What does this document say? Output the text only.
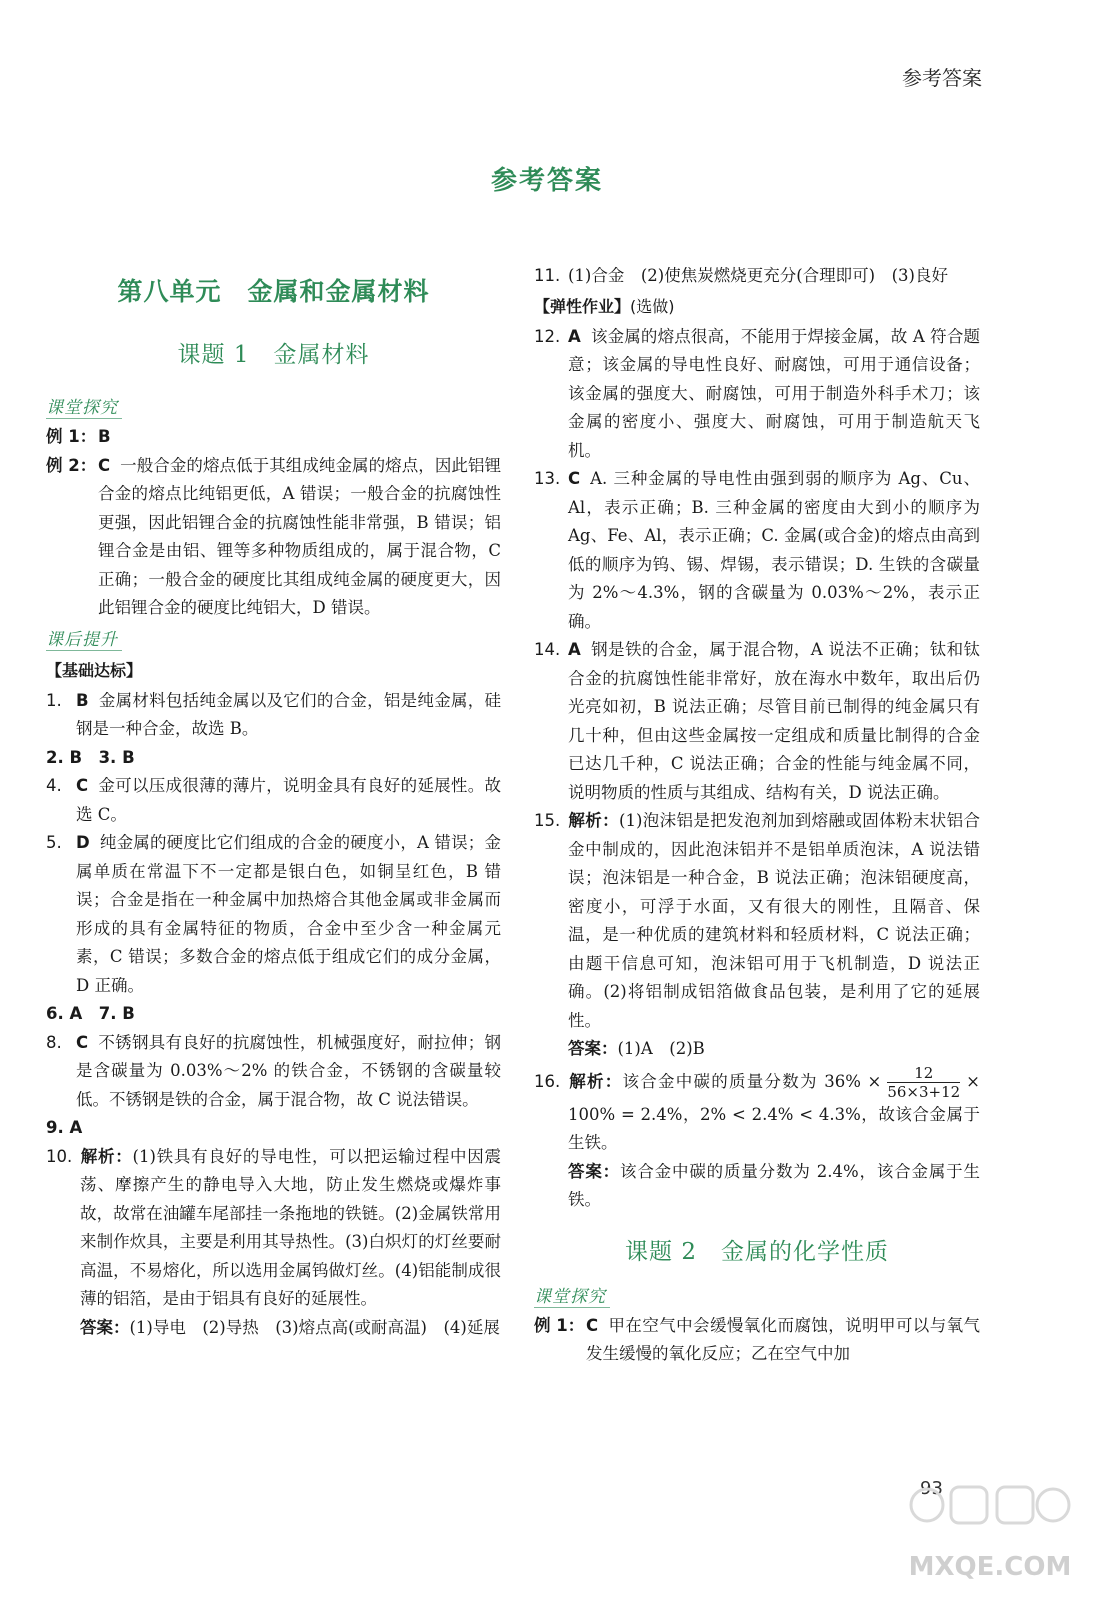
参考答案
参考答案
第八单元　金属和金属材料
课题 1　金属材料
课堂探究
例 1： B
例 2： C 一般合金的熔点低于其组成纯金属的熔点，因此铝锂合金的熔点比纯铝更低，A 错误；一般合金的抗腐蚀性更强，因此铝锂合金的抗腐蚀性能非常强，B 错误；铝锂合金是由铝、锂等多种物质组成的，属于混合物，C 正确；一般合金的硬度比其组成纯金属的硬度更大，因此铝锂合金的硬度比纯铝大，D 错误。
课后提升
【基础达标】
1. B 金属材料包括纯金属以及它们的合金，铝是纯金属，硅钢是一种合金，故选 B。
2. B　3. B
4. C 金可以压成很薄的薄片，说明金具有良好的延展性。故选 C。
5. D 纯金属的硬度比它们组成的合金的硬度小，A 错误；金属单质在常温下不一定都是银白色，如铜呈红色，B 错误；合金是指在一种金属中加热熔合其他金属或非金属而形成的具有金属特征的物质，合金中至少含一种金属元素，C 错误；多数合金的熔点低于组成它们的成分金属，D 正确。
6. A　7. B
8. C 不锈钢具有良好的抗腐蚀性，机械强度好，耐拉伸；钢是含碳量为 0.03%～2% 的铁合金，不锈钢的含碳量较低。不锈钢是铁的合金，属于混合物，故 C 说法错误。
9. A
10. 解析：(1)铁具有良好的导电性，可以把运输过程中因震荡、摩擦产生的静电导入大地，防止发生燃烧或爆炸事故，故常在油罐车尾部挂一条拖地的铁链。(2)金属铁常用来制作炊具，主要是利用其导热性。(3)白炽灯的灯丝要耐高温，不易熔化，所以选用金属钨做灯丝。(4)铝能制成很薄的铝箔，是由于铝具有良好的延展性。
答案：(1)导电　(2)导热　(3)熔点高(或耐高温)　(4)延展
11. (1)合金　(2)使焦炭燃烧更充分(合理即可)　(3)良好
【弹性作业】(选做)
12. A 该金属的熔点很高，不能用于焊接金属，故 A 符合题意；该金属的导电性良好、耐腐蚀，可用于通信设备；该金属的强度大、耐腐蚀，可用于制造外科手术刀；该金属的密度小、强度大、耐腐蚀，可用于制造航天飞机。
13. C A. 三种金属的导电性由强到弱的顺序为 Ag、Cu、Al，表示正确；B. 三种金属的密度由大到小的顺序为 Ag、Fe、Al，表示正确；C. 金属(或合金)的熔点由高到低的顺序为钨、锡、焊锡，表示错误；D. 生铁的含碳量为 2%～4.3%，钢的含碳量为 0.03%～2%，表示正确。
14. A 钢是铁的合金，属于混合物，A 说法不正确；钛和钛合金的抗腐蚀性能非常好，放在海水中数年，取出后仍光亮如初，B 说法正确；尽管目前已制得的纯金属只有几十种，但由这些金属按一定组成和质量比制得的合金已达几千种，C 说法正确；合金的性能与纯金属不同，说明物质的性质与其组成、结构有关，D 说法正确。
15. 解析：(1)泡沫铝是把发泡剂加到熔融或固体粉末状铝合金中制成的，因此泡沫铝并不是铝单质泡沫，A 说法错误；泡沫铝是一种合金，B 说法正确；泡沫铝硬度高，密度小，可浮于水面，又有很大的刚性，且隔音、保温，是一种优质的建筑材料和轻质材料，C 说法正确；由题干信息可知，泡沫铝可用于飞机制造，D 说法正确。(2)将铝制成铝箔做食品包装，是利用了它的延展性。
答案：(1)A　(2)B
16. 解析：该合金中碳的质量分数为 $36\% \times \frac{12}{56\times 3+12} \times 100\% = 2.4\%$，2% < 2.4% < 4.3%，故该合金属于生铁。
答案：该合金中碳的质量分数为 2.4%，该合金属于生铁。
课题 2　金属的化学性质
课堂探究
例 1： C 甲在空气中会缓慢氧化而腐蚀，说明甲可以与氧气发生缓慢的氧化反应；乙在空气中加
93
MXQE.COM
